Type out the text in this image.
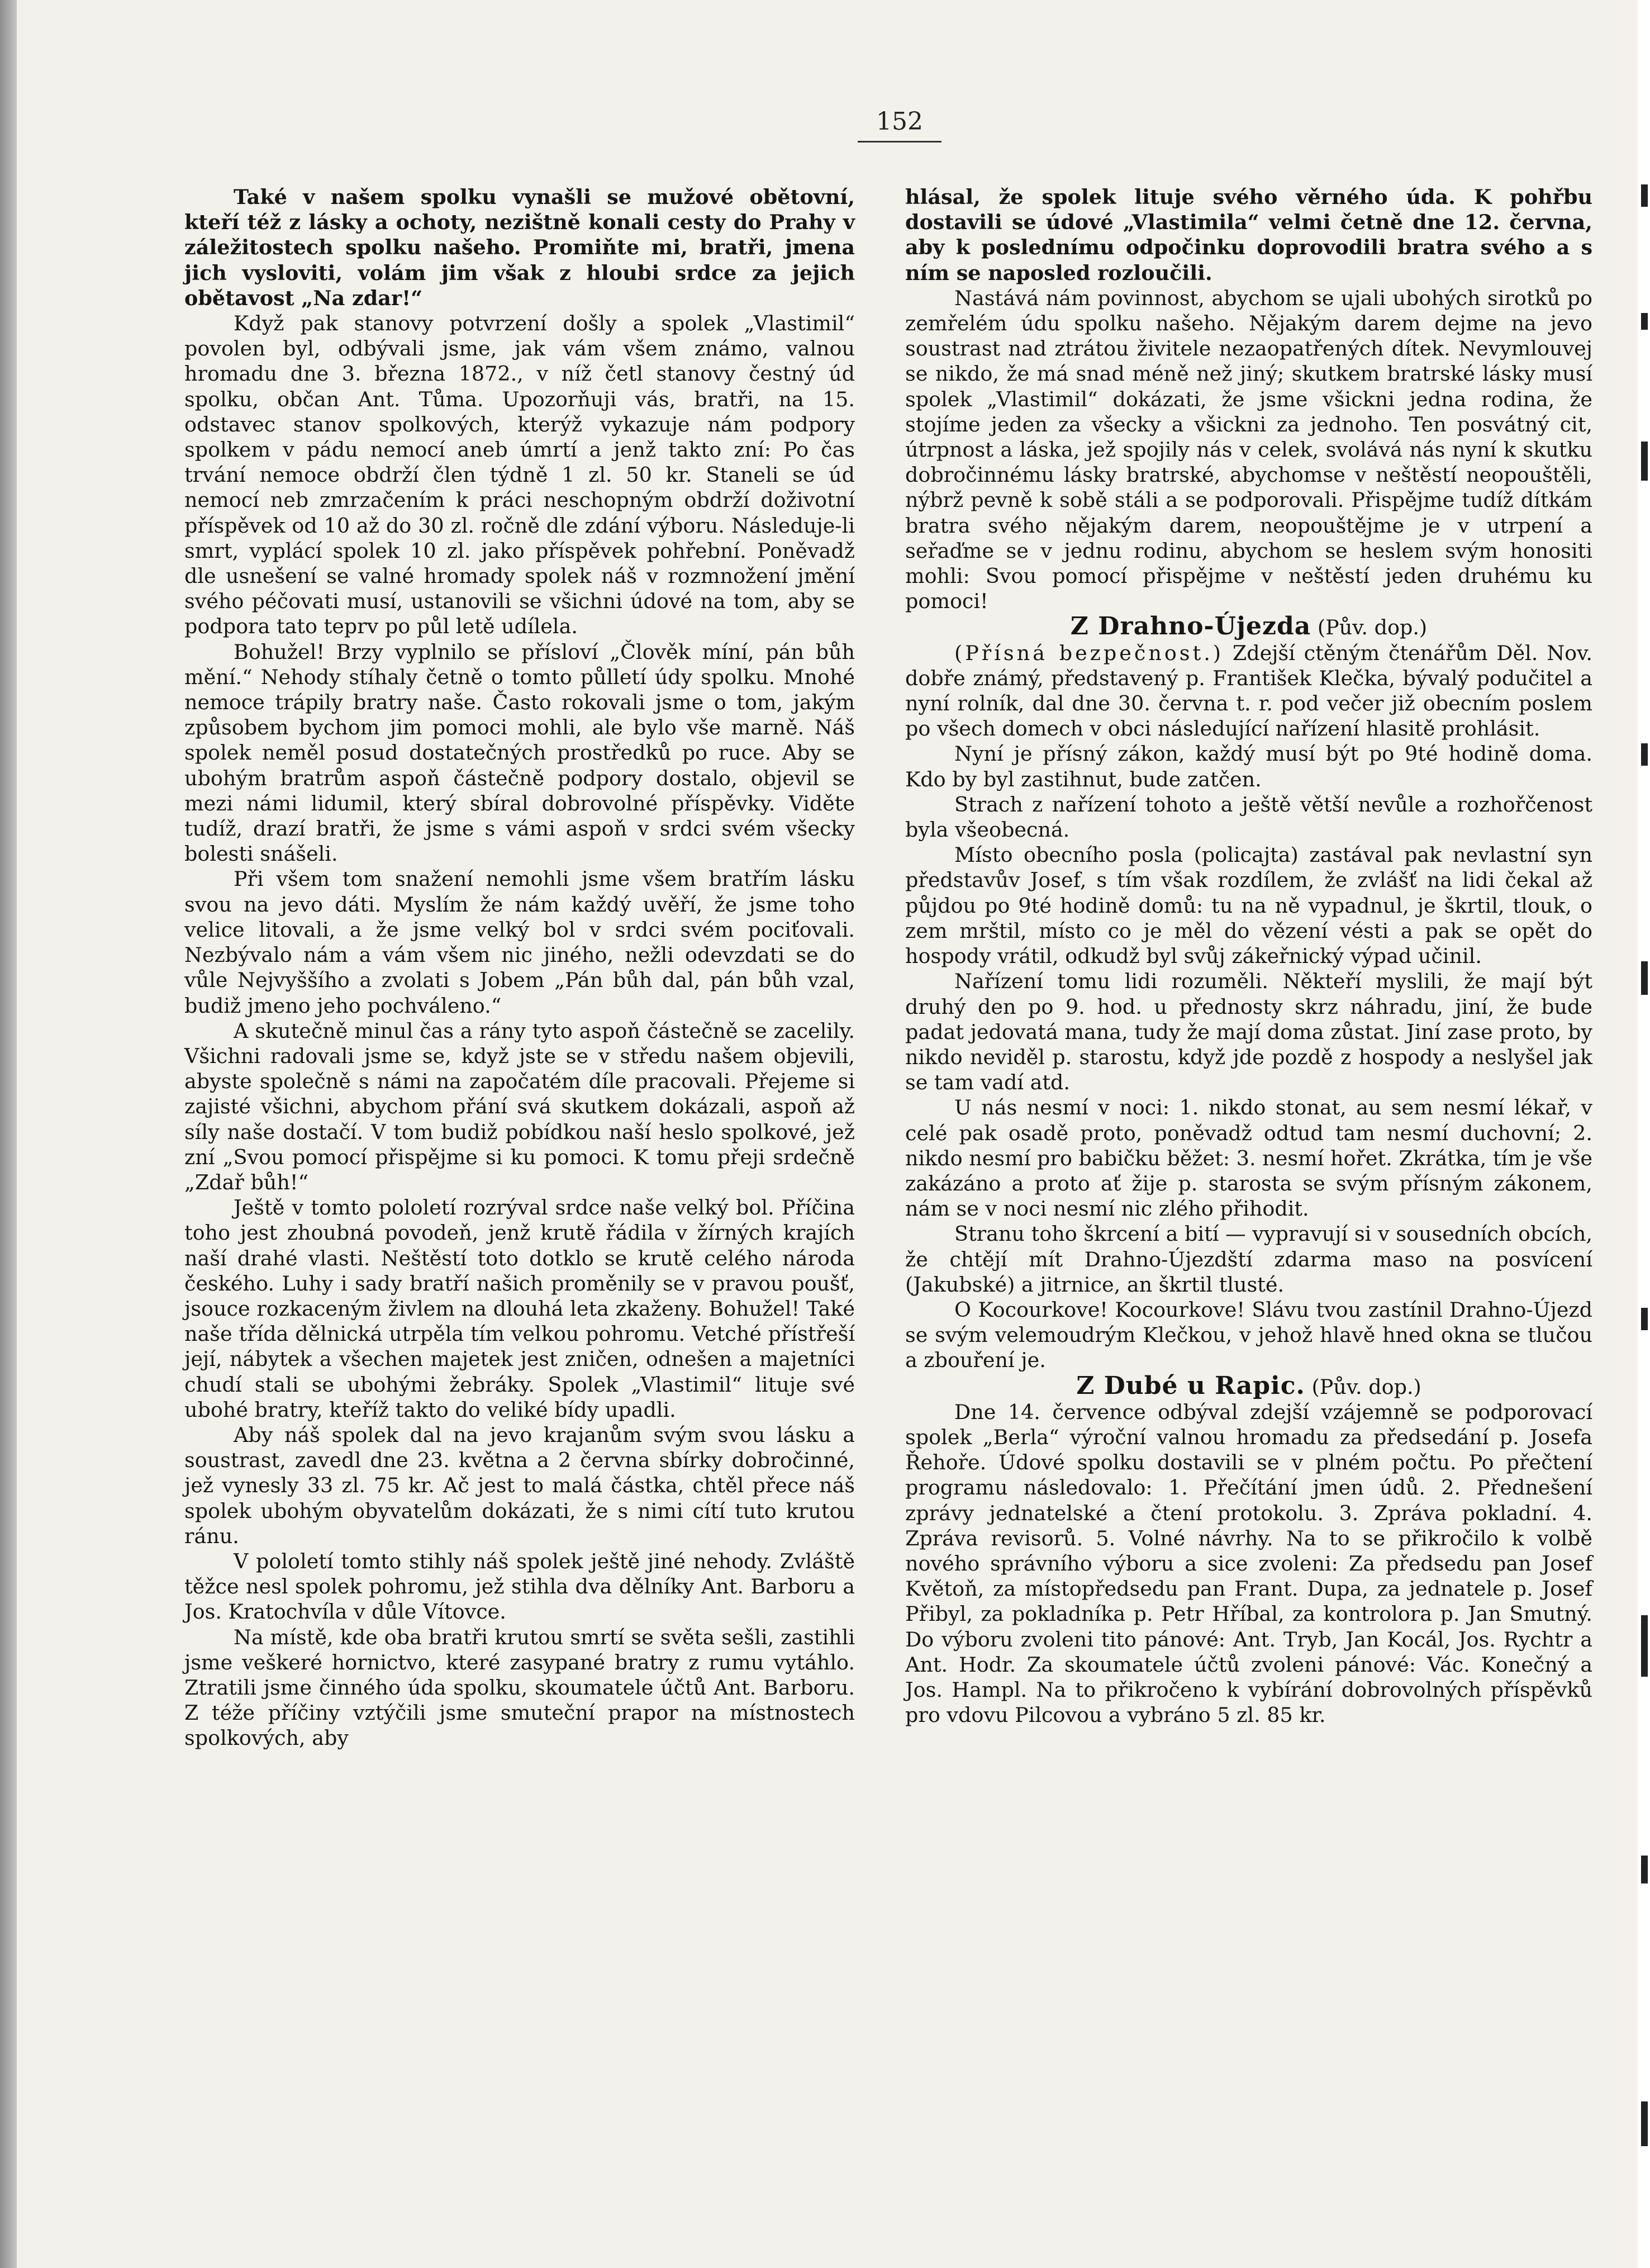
152

Také v našem spolku vynašli se mužové obětovní, kteří též z lásky a ochoty, nezištně konali cesty do Prahy v záležitostech spolku našeho. Promiňte mi, bratři, jmena jich vysloviti, volám jim však z hloubi srdce za jejich obětavost „Na zdar!“

Když pak stanovy potvrzení došly a spolek „Vlastimil“ povolen byl, odbývali jsme, jak vám všem známo, valnou hromadu dne 3. března 1872., v níž četl stanovy čestný úd spolku, občan Ant. Tůma. Upozorňuji vás, bratři, na 15. odstavec stanov spolkových, kterýž vykazuje nám podpory spolkem v pádu nemocí aneb úmrtí a jenž takto zní: Po čas trvání nemoce obdrží člen týdně 1 zl. 50 kr. Staneli se úd nemocí neb zmrzačením k práci neschopným obdrží doživotní příspěvek od 10 až do 30 zl. ročně dle zdání výboru. Následuje-li smrt, vyplácí spolek 10 zl. jako příspěvek pohřební. Poněvadž dle usnešení se valné hromady spolek náš v rozmnožení jmění svého péčovati musí, ustanovili se všichni údové na tom, aby se podpora tato teprv po půl letě udílela.

Bohužel! Brzy vyplnilo se přísloví „Člověk míní, pán bůh mění.“ Nehody stíhaly četně o tomto půlletí údy spolku. Mnohé nemoce trápily bratry naše. Často rokovali jsme o tom, jakým způsobem bychom jim pomoci mohli, ale bylo vše marně. Náš spolek neměl posud dostatečných prostředků po ruce. Aby se ubohým bratrům aspoň částečně podpory dostalo, objevil se mezi námi lidumil, který sbíral dobrovolné příspěvky. Viděte tudíž, drazí bratři, že jsme s vámi aspoň v srdci svém všecky bolesti snášeli.

Při všem tom snažení nemohli jsme všem bratřím lásku svou na jevo dáti. Myslím že nám každý uvěří, že jsme toho velice litovali, a že jsme velký bol v srdci svém pociťovali. Nezbývalo nám a vám všem nic jiného, nežli odevzdati se do vůle Nejvyššího a zvolati s Jobem „Pán bůh dal, pán bůh vzal, budiž jmeno jeho pochváleno.“

A skutečně minul čas a rány tyto aspoň částečně se zacelily. Všichni radovali jsme se, když jste se v středu našem objevili, abyste společně s námi na započatém díle pracovali. Přejeme si zajisté všichni, abychom přání svá skutkem dokázali, aspoň až síly naše dostačí. V tom budiž pobídkou naší heslo spolkové, jež zní „Svou pomocí přispějme si ku pomoci. K tomu přeji srdečně „Zdař bůh!“

Ještě v tomto pololetí rozrýval srdce naše velký bol. Příčina toho jest zhoubná povodeň, jenž krutě řádila v žírných krajích naší drahé vlasti. Neštěstí toto dotklo se krutě celého národa českého. Luhy i sady bratří našich proměnily se v pravou poušť, jsouce rozkaceným živlem na dlouhá leta zkaženy. Bohužel! Také naše třída dělnická utrpěla tím velkou pohromu. Vetché přístřeší její, nábytek a všechen majetek jest zničen, odnešen a majetníci chudí stali se ubohými žebráky. Spolek „Vlastimil“ lituje své ubohé bratry, kteříž takto do veliké bídy upadli.

Aby náš spolek dal na jevo krajanům svým svou lásku a soustrast, zavedl dne 23. května a 2 června sbírky dobročinné, jež vynesly 33 zl. 75 kr. Ač jest to malá částka, chtěl přece náš spolek ubohým obyvatelům dokázati, že s nimi cítí tuto krutou ránu.

V pololetí tomto stihly náš spolek ještě jiné nehody. Zvláště těžce nesl spolek pohromu, jež stihla dva dělníky Ant. Barboru a Jos. Kratochvíla v důle Vítovce.

Na místě, kde oba bratři krutou smrtí se světa sešli, zastihli jsme veškeré hornictvo, které zasypané bratry z rumu vytáhlo. Ztratili jsme činného úda spolku, skoumatele účtů Ant. Barboru. Z téže příčiny vztýčili jsme smuteční prapor na místnostech spolkových, aby

hlásal, že spolek lituje svého věrného úda. K pohřbu dostavili se údové „Vlastimila“ velmi četně dne 12. června, aby k poslednímu odpočinku doprovodili bratra svého a s ním se naposled rozloučili.

Nastává nám povinnost, abychom se ujali ubohých sirotků po zemřelém údu spolku našeho. Nějakým darem dejme na jevo soustrast nad ztrátou živitele nezaopatřených dítek. Nevymlouvej se nikdo, že má snad méně než jiný; skutkem bratrské lásky musí spolek „Vlastimil“ dokázati, že jsme všickni jedna rodina, že stojíme jeden za všecky a všickni za jednoho. Ten posvátný cit, útrpnost a láska, jež spojily nás v celek, svolává nás nyní k skutku dobročinnému lásky bratrské, abychomse v neštěstí neopouštěli, nýbrž pevně k sobě stáli a se podporovali. Přispějme tudíž dítkám bratra svého nějakým darem, neopouštějme je v utrpení a seřaďme se v jednu rodinu, abychom se heslem svým honositi mohli: Svou pomocí přispějme v neštěstí jeden druhému ku pomoci!

Z Drahno-Újezda (Pův. dop.)

(Přísná bezpečnost.) Zdejší ctěným čtenářům Děl. Nov. dobře známý, představený p. František Klečka, bývalý podučitel a nyní rolník, dal dne 30. června t. r. pod večer již obecním poslem po všech domech v obci následující nařízení hlasitě prohlásit.

Nyní je přísný zákon, každý musí být po 9té hodině doma. Kdo by byl zastihnut, bude zatčen.

Strach z nařízení tohoto a ještě větší nevůle a rozhořčenost byla všeobecná.

Místo obecního posla (policajta) zastával pak nevlastní syn představův Josef, s tím však rozdílem, že zvlášť na lidi čekal až půjdou po 9té hodině domů: tu na ně vypadnul, je škrtil, tlouk, o zem mrštil, místo co je měl do vězení vésti a pak se opět do hospody vrátil, odkudž byl svůj zákeřnický výpad učinil.

Nařízení tomu lidi rozuměli. Někteří myslili, že mají být druhý den po 9. hod. u přednosty skrz náhradu, jiní, že bude padat jedovatá mana, tudy že mají doma zůstat. Jiní zase proto, by nikdo neviděl p. starostu, když jde pozdě z hospody a neslyšel jak se tam vadí atd.

U nás nesmí v noci: 1. nikdo stonat, au sem nesmí lékař, v celé pak osadě proto, poněvadž odtud tam nesmí duchovní; 2. nikdo nesmí pro babičku běžet: 3. nesmí hořet. Zkrátka, tím je vše zakázáno a proto ať žije p. starosta se svým přísným zákonem, nám se v noci nesmí nic zlého přihodit.

Stranu toho škrcení a bití — vypravují si v sousedních obcích, že chtějí mít Drahno-Újezdští zdarma maso na posvícení (Jakubské) a jitrnice, an škrtil tlusté.

O Kocourkove! Kocourkove! Slávu tvou zastínil Drahno-Újezd se svým velemoudrým Klečkou, v jehož hlavě hned okna se tlučou a zbouření je.

Z Dubé u Rapic. (Pův. dop.)

Dne 14. července odbýval zdejší vzájemně se podporovací spolek „Berla“ výroční valnou hromadu za předsedání p. Josefa Řehoře. Údové spolku dostavili se v plném počtu. Po přečtení programu následovalo: 1. Přečítání jmen údů. 2. Přednešení zprávy jednatelské a čtení protokolu. 3. Zpráva pokladní. 4. Zpráva revisorů. 5. Volné návrhy. Na to se přikročilo k volbě nového správního výboru a sice zvoleni: Za předsedu pan Josef Květoň, za místopředsedu pan Frant. Dupa, za jednatele p. Josef Přibyl, za pokladníka p. Petr Hříbal, za kontrolora p. Jan Smutný. Do výboru zvoleni tito pánové: Ant. Tryb, Jan Kocál, Jos. Rychtr a Ant. Hodr. Za skoumatele účtů zvoleni pánové: Vác. Konečný a Jos. Hampl. Na to přikročeno k vybírání dobrovolných příspěvků pro vdovu Pilcovou a vybráno 5 zl. 85 kr.
